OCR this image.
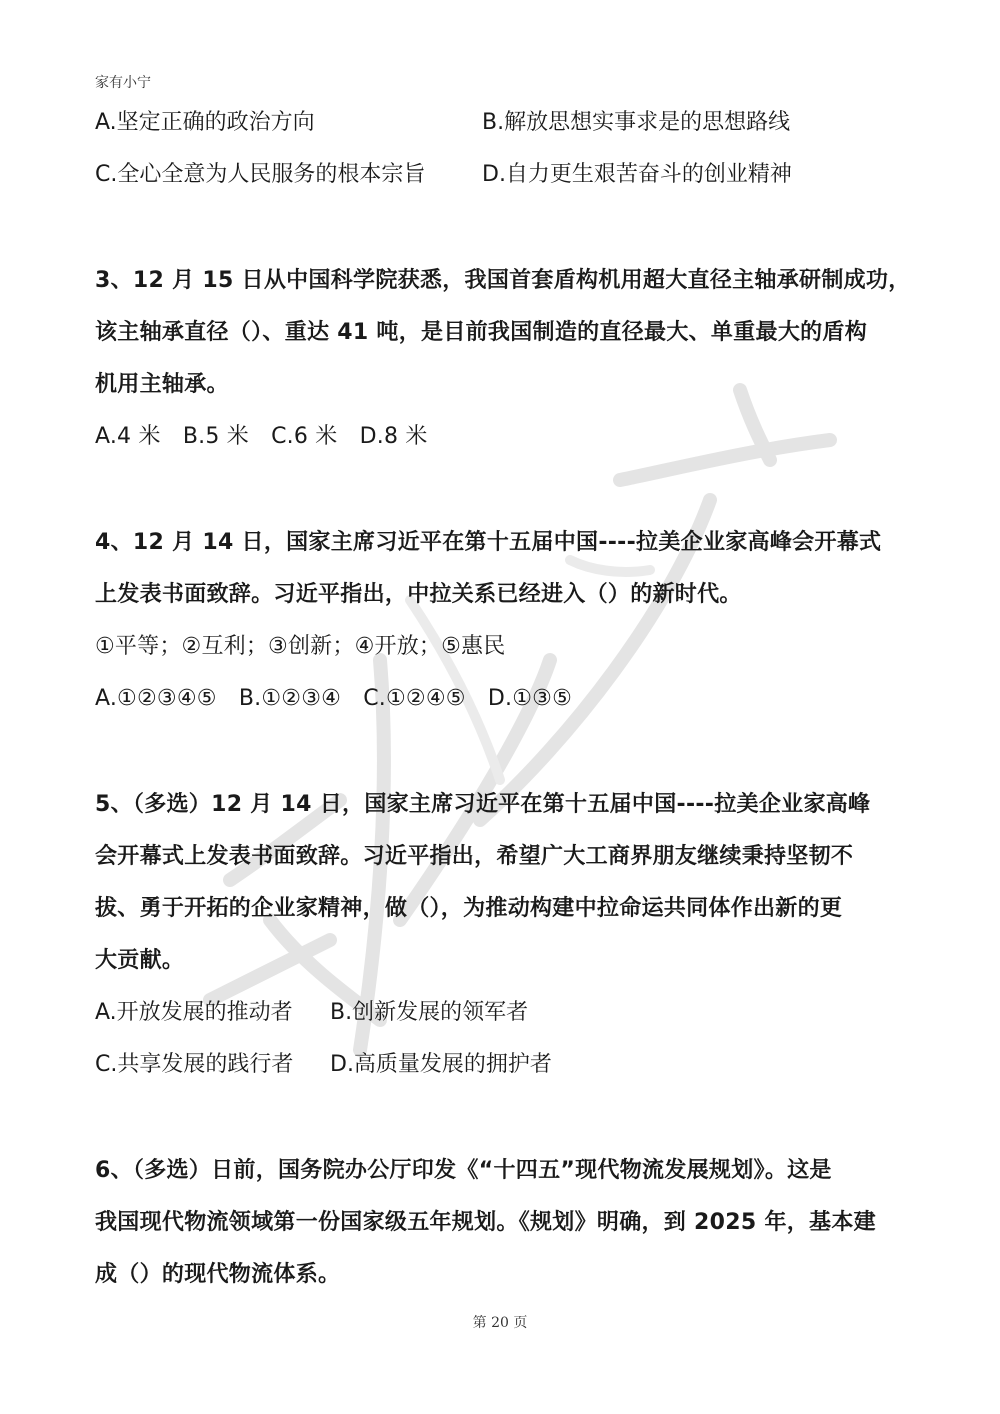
家有小宁
A.坚定正确的政治方向	B.解放思想实事求是的思想路线
C.全心全意为人民服务的根本宗旨	D.自力更生艰苦奋斗的创业精神
3、12 月 15 日从中国科学院获悉，我国首套盾构机用超大直径主轴承研制成功，
该主轴承直径（）、重达 41 吨，是目前我国制造的直径最大、单重最大的盾构
机用主轴承。
A.4 米　B.5 米　C.6 米　D.8 米
4、12 月 14 日，国家主席习近平在第十五届中国----拉美企业家高峰会开幕式
上发表书面致辞。习近平指出，中拉关系已经进入（）的新时代。
①平等；②互利；③创新；④开放；⑤惠民
A.①②③④⑤　B.①②③④　C.①②④⑤　D.①③⑤
5、（多选）12 月 14 日，国家主席习近平在第十五届中国----拉美企业家高峰
会开幕式上发表书面致辞。习近平指出，希望广大工商界朋友继续秉持坚韧不
拔、勇于开拓的企业家精神，做（），为推动构建中拉命运共同体作出新的更
大贡献。
A.开放发展的推动者 B.创新发展的领军者
C.共享发展的践行者 D.高质量发展的拥护者
6、（多选）日前，国务院办公厅印发《“十四五”现代物流发展规划》。这是
我国现代物流领域第一份国家级五年规划。《规划》明确，到 2025 年，基本建
成（）的现代物流体系。
第 20 页
